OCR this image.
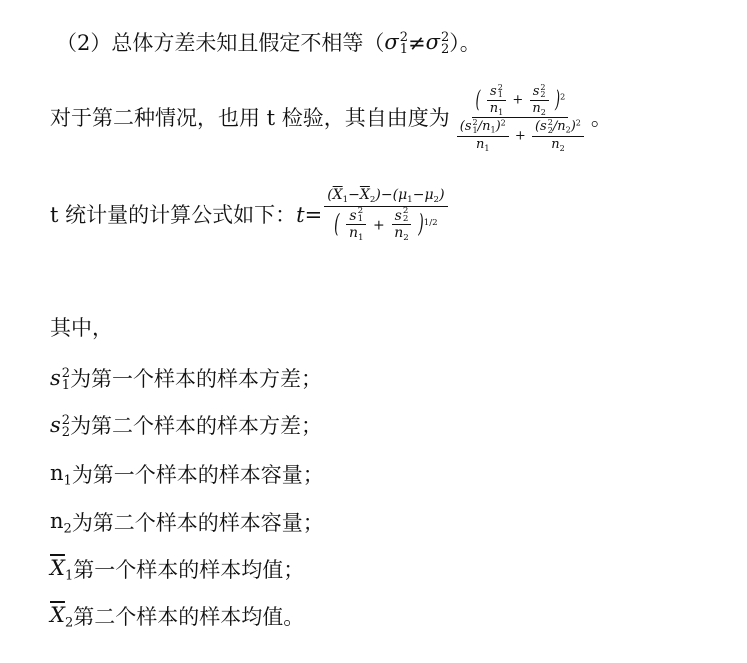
（2）总体方差未知且假定不相等（ σ 2
1 ≠ σ 2
2 ）。
对于第二种情况，也用 t 检验，其自由度为 ( s 2
1
$n_1 + s$ 2
2
$n_2$ )$^2$
(s 2
1 $/n_1)^2$
$n_1 + (s$ 2
2 $/n_2)^2$
$n_2$ 。
t 统计量的计算公式如下： $t = (\overline{X}_1-\overline{X}_2)-(\mu_1-\mu_2)$
( s 2
1
$n_1 + s$ 2
2
$n_2$ )$^{1/2}$
其中，
s 2
1 为第一个样本的样本方差；
s 2
2 为第二个样本的样本方差；
$n_1$ 为第一个样本的样本容量；
$n_2$ 为第二个样本的样本容量；
$\overline{X}_1$ 第一个样本的样本均值；
$\overline{X}_2$ 第二个样本的样本均值。
